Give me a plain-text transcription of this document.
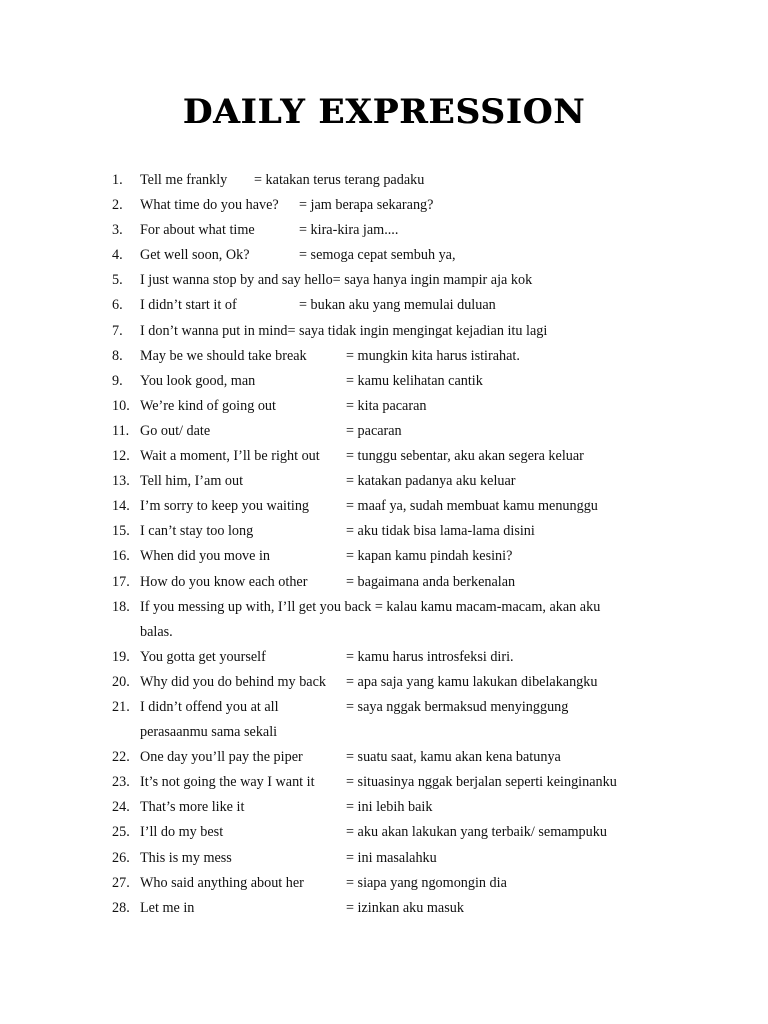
DAILY EXPRESSION
1.	Tell me frankly = katakan terus terang padaku
2.	What time do you have? = jam berapa sekarang?
3.	For about what time	= kira-kira jam....
4.	Get well soon, Ok?	= semoga cepat sembuh ya,
5.	I just wanna stop by and say hello= saya hanya ingin mampir aja kok
6.	I didn’t start it of	= bukan aku yang memulai duluan
7.	I don’t wanna put in mind= saya tidak ingin mengingat kejadian itu lagi
8.	May be we should take break	= mungkin kita harus istirahat.
9.	You look good, man	= kamu kelihatan cantik
10. We’re kind of going out	= kita pacaran
11. Go out/ date	= pacaran
12. Wait a moment, I’ll be right out = tunggu sebentar, aku akan segera keluar
13. Tell him, I’am out	= katakan padanya aku keluar
14. I’m sorry to keep you waiting	= maaf ya, sudah membuat kamu menunggu
15. I can’t stay too long	= aku tidak bisa lama-lama disini
16. When did you move in	= kapan kamu pindah kesini?
17. How do you know each other	= bagaimana anda berkenalan
18. If you messing up with, I’ll get you back = kalau kamu macam-macam, akan aku
balas.
19. You gotta get yourself	= kamu harus introsfeksi diri.
20. Why did you do behind my back = apa saja yang kamu lakukan dibelakangku
21. I didn’t offend you at all	= saya nggak bermaksud menyinggung
perasaanmu sama sekali
22. One day you’ll pay the piper	= suatu saat, kamu akan kena batunya
23. It’s not going the way I want it = situasinya nggak berjalan seperti keinginanku
24. That’s more like it	= ini lebih baik
25. I’ll do my best	= aku akan lakukan yang terbaik/ semampuku
26. This is my mess	= ini masalahku
27. Who said anything about her	= siapa yang ngomongin dia
28. Let me in	= izinkan aku masuk
